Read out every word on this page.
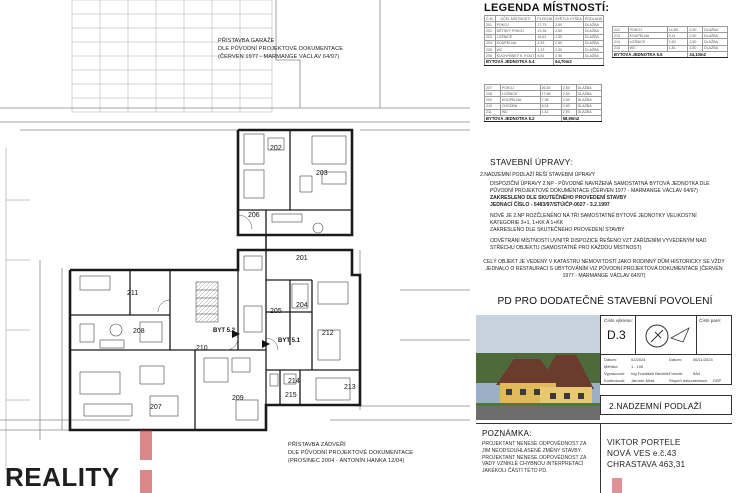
PŘÍSTAVBA GARÁŽE
DLE PŮVODNÍ PROJEKTOVÉ DOKUMENTACE
(ČERVEN 1977 - MARMANGE VÁCLAV 64/97)
PŘÍSTAVBA ZÁDVEŘÍ
DLE PŮVODNÍ PROJEKTOVÉ DOKUMENTACE
(PROSINEC 2004 - ANTONÍN HANKA 12/04)
202
203
206
201
211
208
210
205
204
212
207
209
214
215
213
BYT 5.2
BYT 5.1
LEGENDA MÍSTNOSTÍ:
Č.M.	ÚČEL MÍSTNOSTI	PLOCHA	SVĚTLÁ VÝŠKA	PODLAHA
201	POKOJ	17,73	2,50	DLAŽBA
202	DĚTSKÝ POKOJ	13,36	2,50	DLAŽBA
203	LOŽNICE	16,61	2,50	DLAŽBA
204	KOUPELNA	4,53	2,50	DLAŽBA
205	WC	1,13	2,50	DLAŽBA
206	KUCHYŇSKÝ K. KOUT	6,81	2,50	DLAŽBA
BYTOVÁ JEDNOTKA 5.4			64,70m2	
212	POKOJ	14,58	2,50	DLAŽBA
213	KOUPELNA	5,41	2,50	DLAŽBA
214	LOŽNICE	2,50	2,50	DLAŽBA
215	WC	1,81	2,50	DLAŽBA
BYTOVÁ JEDNOTKA 5.5			34,10m2	
207	POKOJ	26,45	2,50	DLAŽBA
208	LOŽNICE	17,66	2,50	DLAŽBA
209	KOUPELNA	7,38	2,50	DLAŽBA
210	CHODBA	6,04	2,50	DLAŽBA
211	WC	1,42	2,50	DLAŽBA
BYTOVÁ JEDNOTKA 5.2			58,90m2	
STAVEBNÍ ÚPRAVY:
2.NADZEMNÍ PODLAŽÍ ŘEŠÍ STAVEBNÍ ÚPRAVY
DISPOZIČNÍ ÚPRAVY 2.NP - PŮVODNĚ NAVRŽENÁ SAMOSTATNÁ BYTOVÁ JEDNOTKA DLE PŮVODNÍ PROJEKTOVÉ DOKUMENTACE (ČERVEN 1977 - MARMANGE VÁCLAV 64/97)
ZAKRESLENO DLE SKUTEČNÉHO PROVEDENÍ STAVBY
JEDNACÍ ČÍSLO - 5483/97/STÚ/ČP-0027 - 3.2.1997
NOVĚ JE 2.NP ROZČLENĚNO NA TŘI SAMOSTATNÉ BYTOVÉ JEDNOTKY VELIKOSTNÍ KATEGORIE 3+1, 1+KK A 1+KK
ZAKRESLENO DLE SKUTEČNÉHO PROVEDENÍ STAVBY
ODVĚTRÁNÍ MÍSTNOSTÍ UVNITŘ DISPOZICE ŘEŠENO VZT ZAŘÍZENÍM VYVEDENÝM NAD STŘECHU OBJEKTU (SAMOSTATNĚ PRO KAŽDOU MÍSTNOST)
CELÝ OBJEKT JE VEDENÝ V KATASTRU NEMOVITOSTÍ JAKO RODINNÝ DŮM HISTORICKY SE VŽDY JEDNALO O RESTAURACI S UBYTOVÁNÍM VIZ PŮVODNÍ PROJEKTOVÁ DOKUMENTACE (ČERVEN 1977 - MARMANGE VÁCLAV 64/97)
PD PRO DODATEČNÉ STAVEBNÍ POVOLENÍ
Číslo výkresu:
D.3
Číslo paré:
Datum:	02/2024
Měřítko:	1 : 100
Vypracoval: Ing.František Bechtík
Kontroloval: Jaromír Mráz
Datum:	06/11/2024
Formát:	6A4
Stupeň dokumentace: DSP
2.NADZEMNÍ PODLAŽÍ
POZNÁMKA:
PROJEKTANT NENESE ODPOVĚDNOST ZA JIM NEODSOUHLASENÉ ZMĚNY STAVBY. PROJEKTANT NENESE ODPOVĚDNOST ZA VADY VZNIKLÉ CHYBNOU INTERPRETACÍ JAKÉKOLI ČÁSTI TÉTO PD.
VIKTOR PORTELE
NOVÁ VES e.č.43
CHRASTAVA 463,31
REALITY
